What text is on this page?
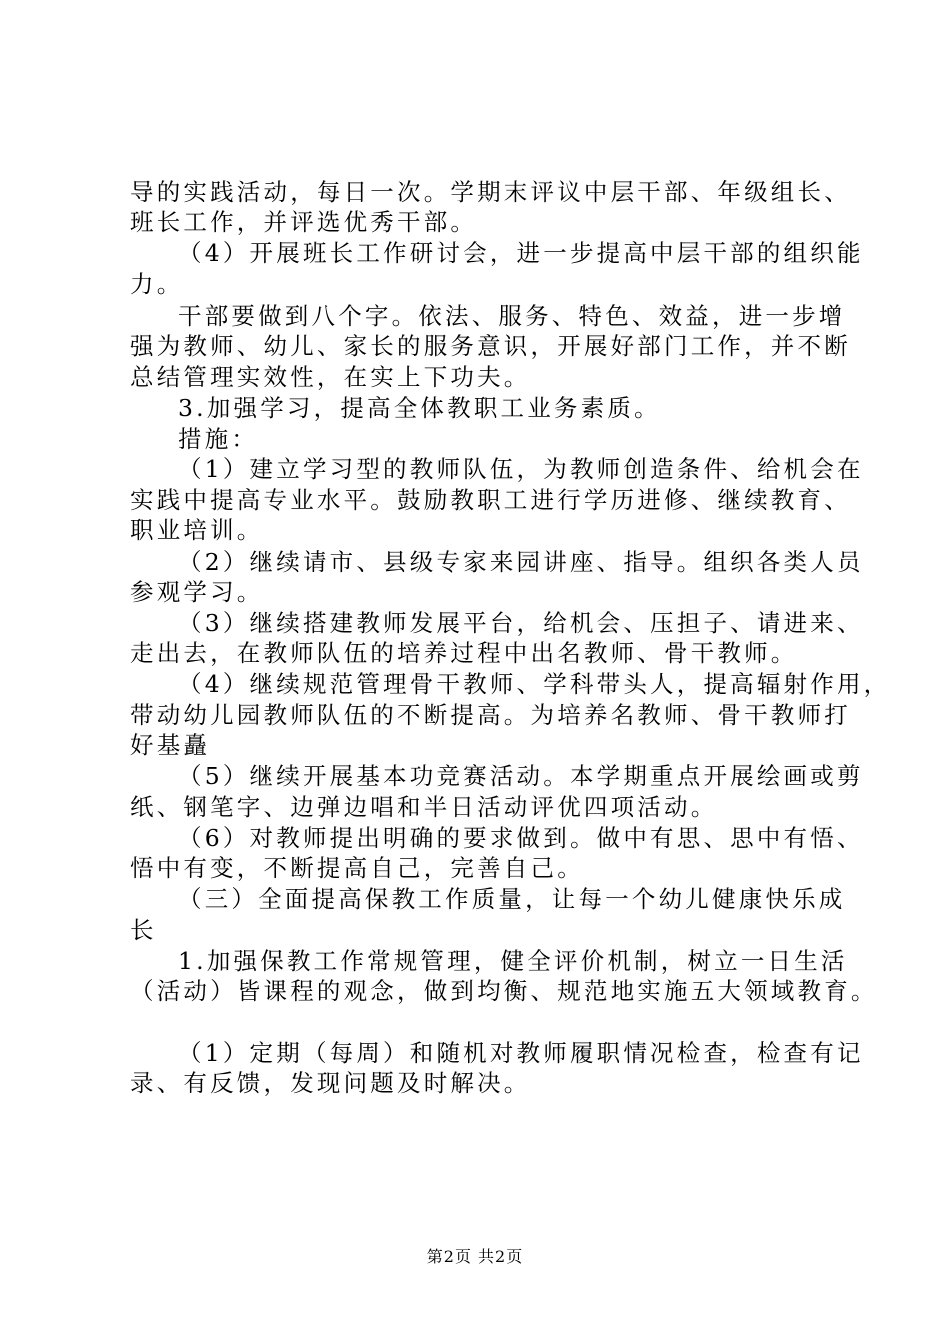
导的实践活动，每日一次。学期末评议中层干部、年级组长、
班长工作，并评选优秀干部。
（4）开展班长工作研讨会，进一步提高中层干部的组织能
力。
干部要做到八个字。依法、服务、特色、效益，进一步增
强为教师、幼儿、家长的服务意识，开展好部门工作，并不断
总结管理实效性，在实上下功夫。
3.加强学习，提高全体教职工业务素质。
措施：
（1）建立学习型的教师队伍，为教师创造条件、给机会在
实践中提高专业水平。鼓励教职工进行学历进修、继续教育、
职业培训。
（2）继续请市、县级专家来园讲座、指导。组织各类人员
参观学习。
（3）继续搭建教师发展平台，给机会、压担子、请进来、
走出去，在教师队伍的培养过程中出名教师、骨干教师。
（4）继续规范管理骨干教师、学科带头人，提高辐射作用，
带动幼儿园教师队伍的不断提高。为培养名教师、骨干教师打
好基矗
（5）继续开展基本功竞赛活动。本学期重点开展绘画或剪
纸、钢笔字、边弹边唱和半日活动评优四项活动。
（6）对教师提出明确的要求做到。做中有思、思中有悟、
悟中有变，不断提高自己，完善自己。
（三）全面提高保教工作质量，让每一个幼儿健康快乐成
长
1.加强保教工作常规管理，健全评价机制，树立一日生活
（活动）皆课程的观念，做到均衡、规范地实施五大领域教育。
（1）定期（每周）和随机对教师履职情况检查，检查有记
录、有反馈，发现问题及时解决。
第2页 共2页
